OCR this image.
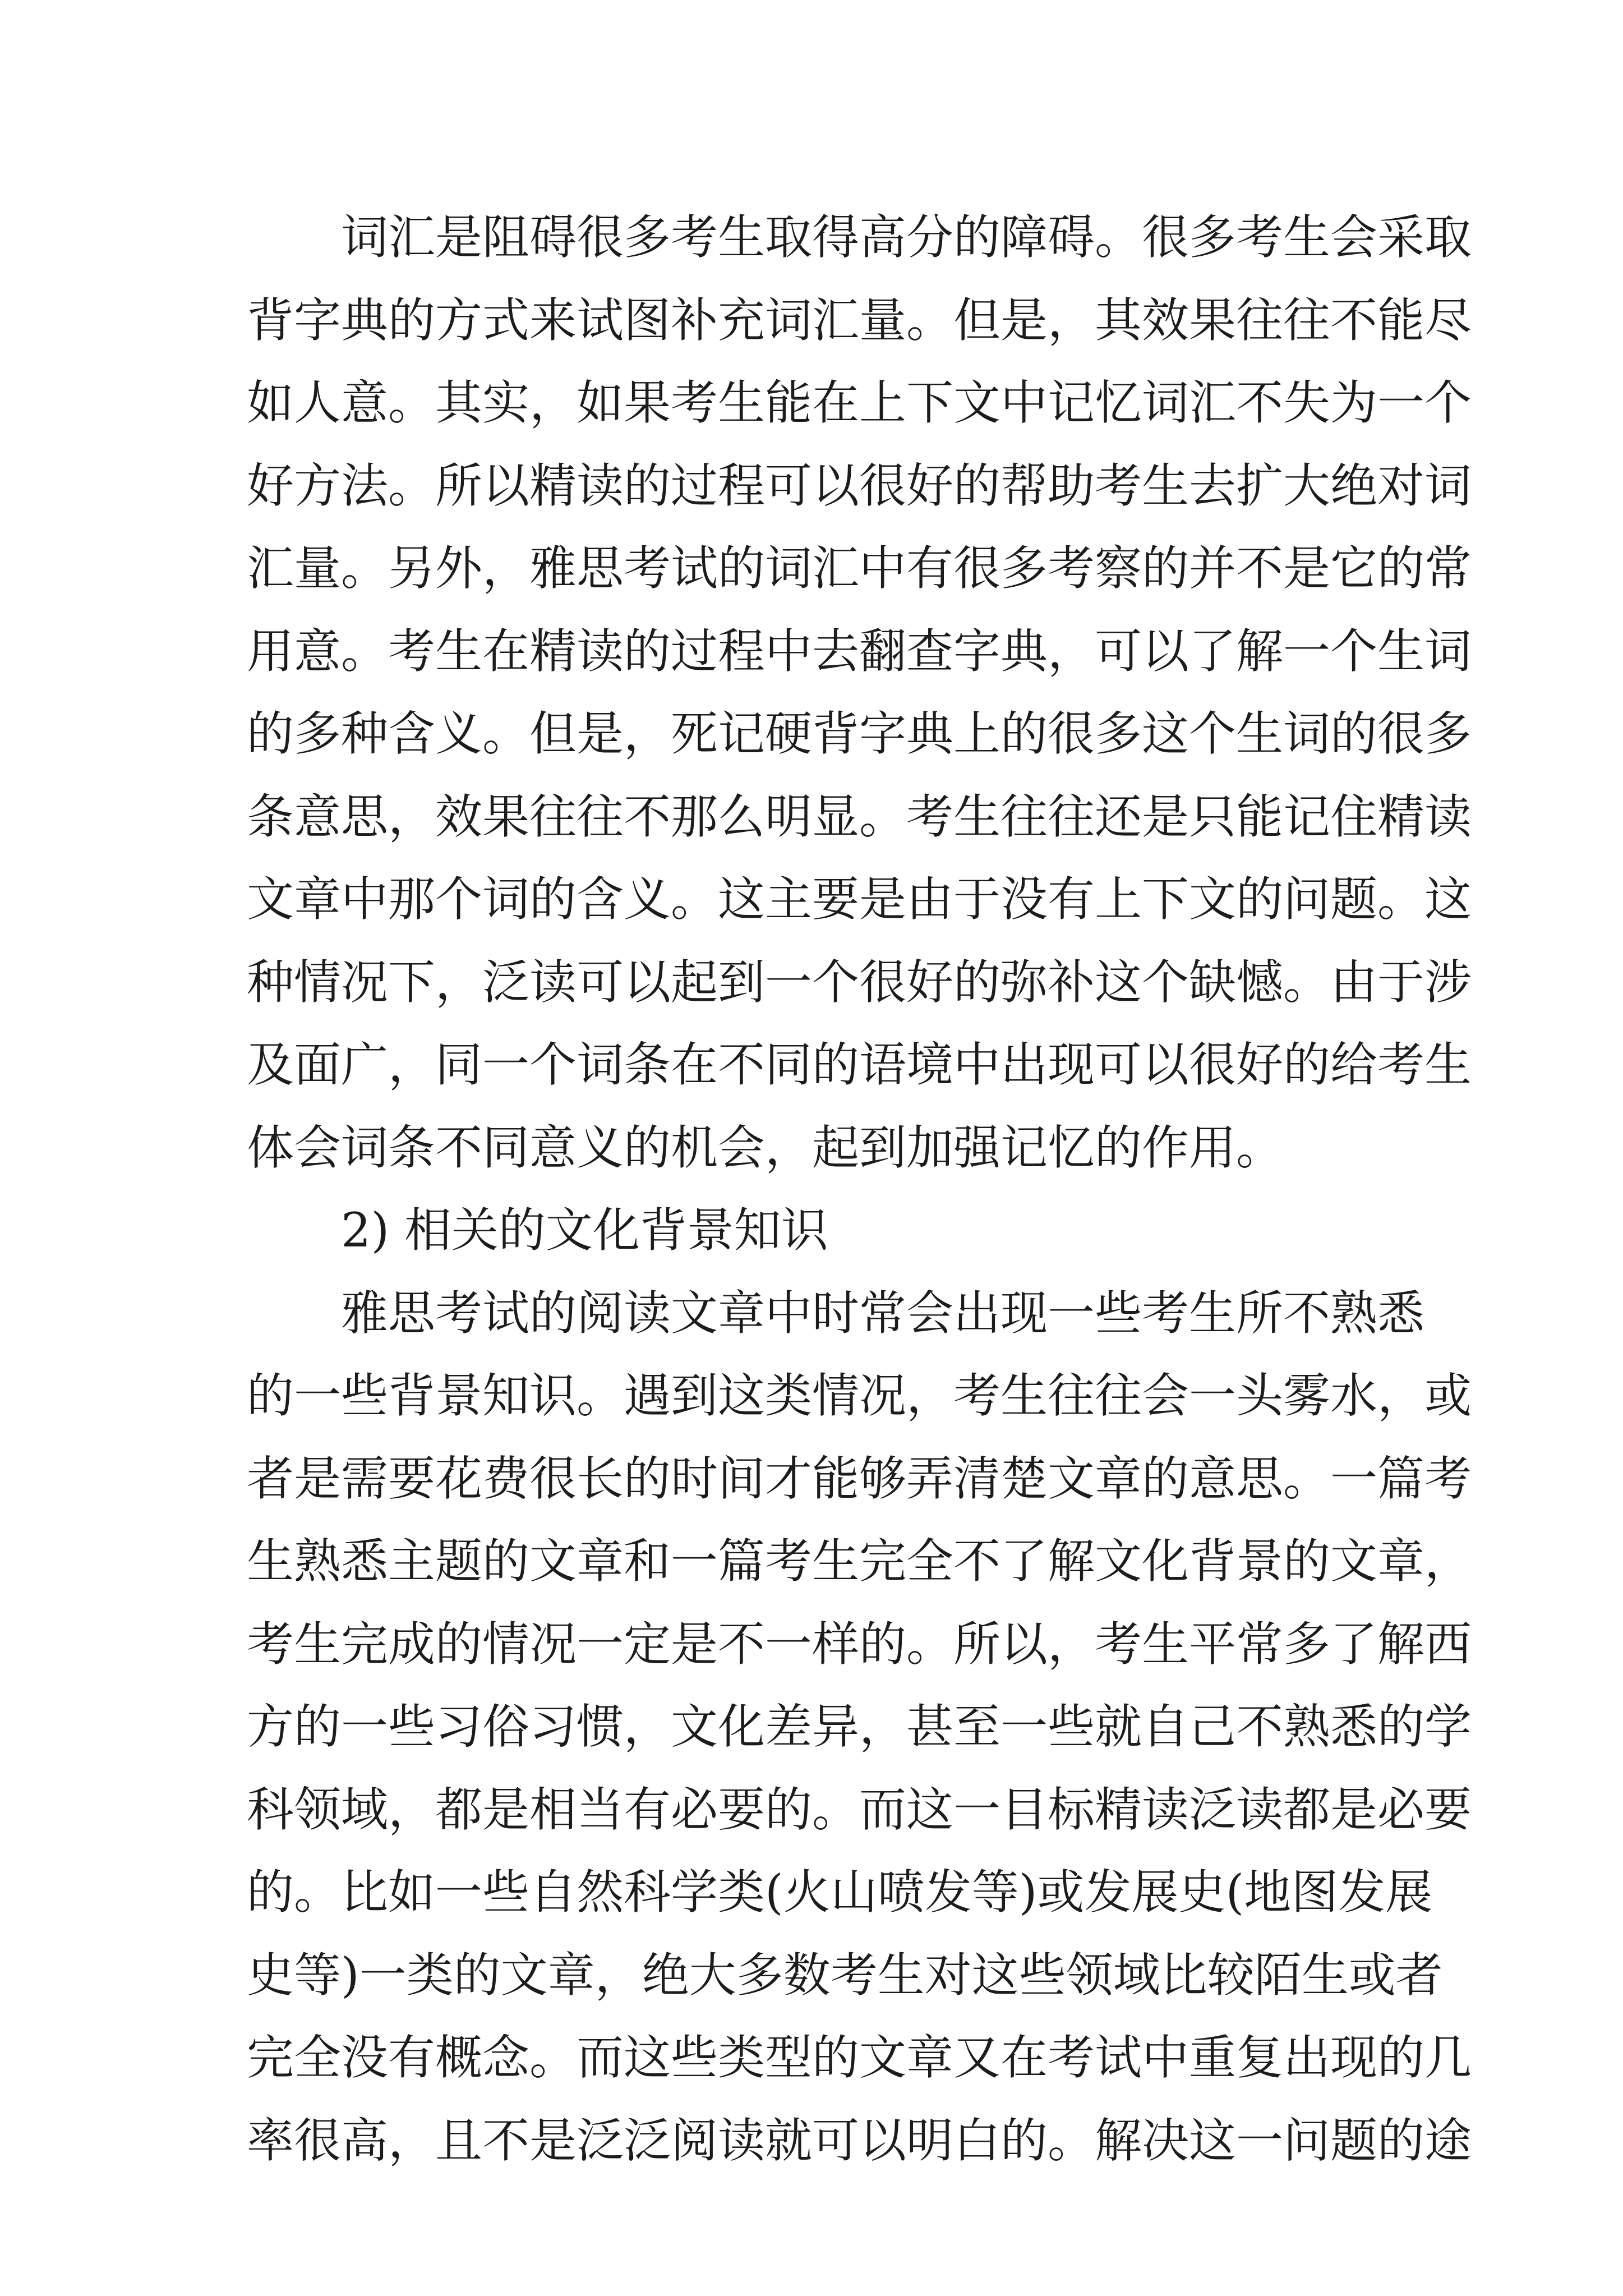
词汇是阻碍很多考生取得高分的障碍。很多考生会采取
背字典的方式来试图补充词汇量。但是，其效果往往不能尽
如人意。其实，如果考生能在上下文中记忆词汇不失为一个
好方法。所以精读的过程可以很好的帮助考生去扩大绝对词
汇量。另外，雅思考试的词汇中有很多考察的并不是它的常
用意。考生在精读的过程中去翻查字典，可以了解一个生词
的多种含义。但是，死记硬背字典上的很多这个生词的很多
条意思，效果往往不那么明显。考生往往还是只能记住精读
文章中那个词的含义。这主要是由于没有上下文的问题。这
种情况下，泛读可以起到一个很好的弥补这个缺憾。由于涉
及面广，同一个词条在不同的语境中出现可以很好的给考生
体会词条不同意义的机会，起到加强记忆的作用。
2) 相关的文化背景知识
雅思考试的阅读文章中时常会出现一些考生所不熟悉
的一些背景知识。遇到这类情况，考生往往会一头雾水，或
者是需要花费很长的时间才能够弄清楚文章的意思。一篇考
生熟悉主题的文章和一篇考生完全不了解文化背景的文章，
考生完成的情况一定是不一样的。所以，考生平常多了解西
方的一些习俗习惯，文化差异，甚至一些就自己不熟悉的学
科领域，都是相当有必要的。而这一目标精读泛读都是必要
的。比如一些自然科学类(火山喷发等)或发展史(地图发展
史等)一类的文章，绝大多数考生对这些领域比较陌生或者
完全没有概念。而这些类型的文章又在考试中重复出现的几
率很高，且不是泛泛阅读就可以明白的。解决这一问题的途
